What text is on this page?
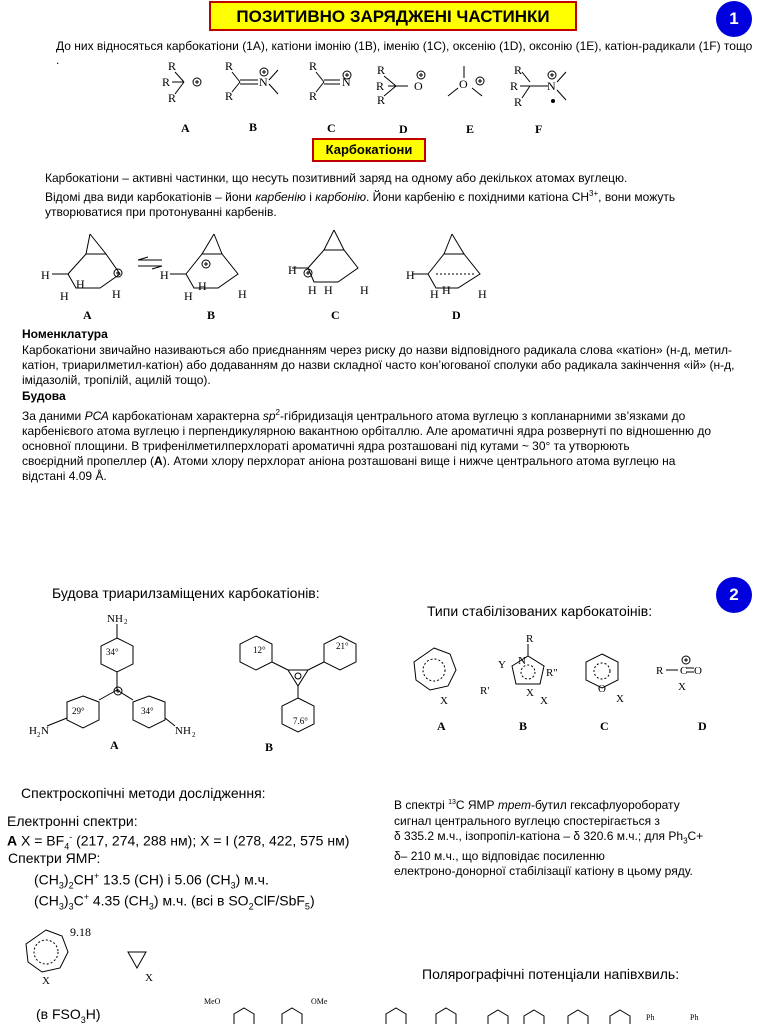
ПОЗИТИВНО ЗАРЯДЖЕНІ ЧАСТИНКИ	1
До них відносяться карбокатіони (1А), катіони імонію (1В), іменію (1С), оксенію (1D), оксонію (1E), катіон-радикали (1F) тощо .	R
R
R
R
R
N
R
R
N
R
R
R
O	O
R
R
R
N
A	B	C	D	E	F
Карбокатіони
Карбокатіони – активні частинки, що несуть позитивний заряд на одному або декількох атомах вуглецю.
Відомі два види карбокатіонів – йони карбенію і карбонію. Йони карбенію є похідними катіона $CH^{3+}$, вони можуть
утворюватися при протонуванні карбенів.
H
H
H	H
H
H
H	H
H
H H H
H
H H H
A	B	C	D
Номенклатура
Карбокатіони звичайно називаються або приєднанням через риску до назви відповідного радикала слова «катіон» (н-д, метил-катіон, триарилметил-катіон) або додаванням до назви складної часто кон’югованої сполуки або радикала закінчення «ій» (н-д, імідазолій, тропілій, ацилій тощо).
Будова
За даними РСА карбокатіонам характерна $sp^2$-гібридизація центрального атома вуглецю з копланарними зв’язками до
карбенієвого атома вуглецю і перпендикулярною вакантною орбіталлю. Але ароматичні ядра розвернуті по відношенню до
основної площини. В трифенілметилперхлораті ароматичні ядра розташовані під кутами ~ 30° та утворюють
своєрідний пропеллер (A). Атоми хлору перхлорат аніона розташовані вище і нижче центрального атома вуглецю на
відстані 4.09 Å.
Будова триарилзаміщених карбокатіонів:	2
Типи стабілізованих карбокатоінів:
NH 2
H 2 N	NH 2
34°
29°	34°
A
12°	21°
7.6°
B
X
R
Y N
R''
R'	X
X
O
X
R C O
X
A	B	C	D
Спектроскопічні методи дослідження:
Електронні спектри:
A $X = BF_4^-$ (217, 274, 288 нм); X = I (278, 422, 575 нм)
Спектри ЯМР:
$(CH_3)_2CH^+$ 13.5 (CH) і 5.06 $(CH_3)$ м.ч.
$(CH_3)_3C^+$ 4.35 $(CH_3)$ м.ч. (всі в $SO_2ClF/SbF_5$)
В спектрі $^{13}$С ЯМР трет-бутил гексафлуороборату
сигнал центрального вуглецю спостерігається з
δ 335.2 м.ч., ізопропіл-катіона – δ 320.6 м.ч.; для $Ph_3C+$
δ– 210 м.ч., що відповідає посиленню
електроно-донорної стабілізації катіону в цьому ряду.
X	X
9.18
Полярографічні потенціали напівхвиль:
(в $FSO_3H$)
MeO	OMe
Ph	Ph
